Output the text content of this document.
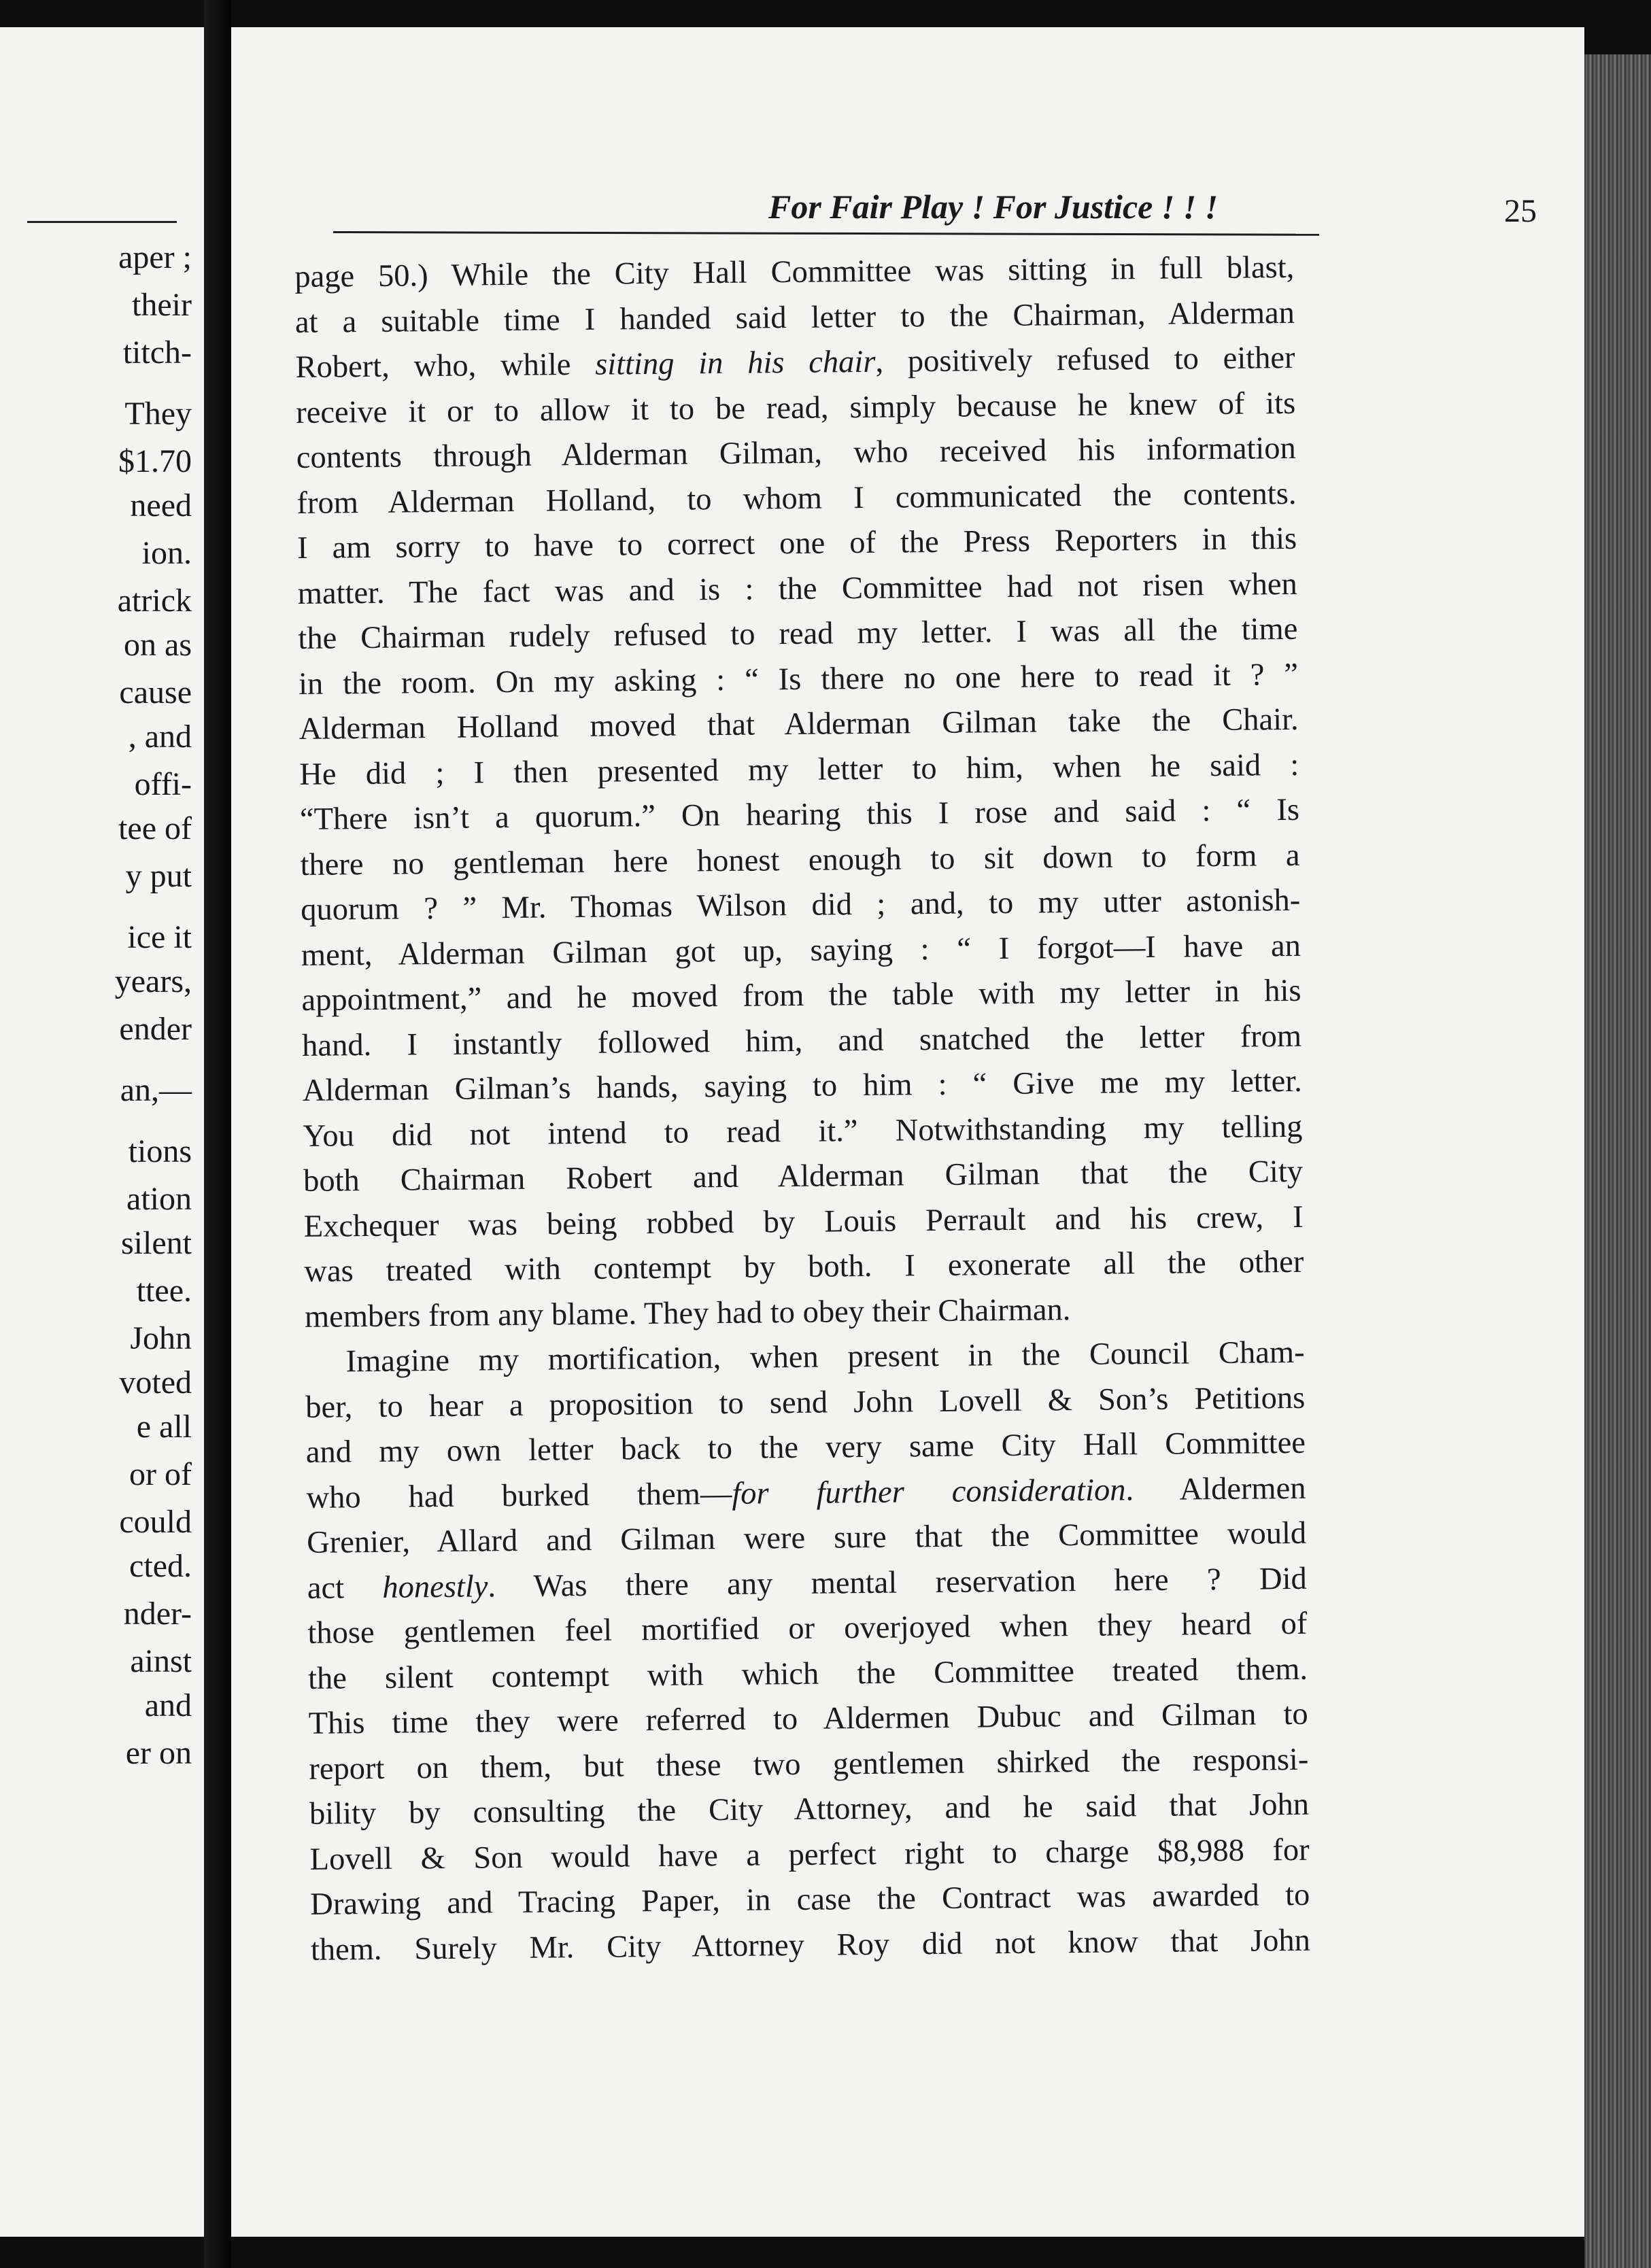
aper ;
their
titch-
They
$1.70
need
ion.
atrick
on as
cause
, and
offi-
tee of
y put
ice it
years,
ender
an,—
tions
ation
silent
ttee.
John
voted
e all
or of
could
cted.
nder-
ainst
and
er on
For Fair Play ! For Justice ! ! !	25
page 50.) While the City Hall Committee was sitting in full blast,
at a suitable time I handed said letter to the Chairman, Alderman
Robert, who, while sitting in his chair, positively refused to either
receive it or to allow it to be read, simply because he knew of its
contents through Alderman Gilman, who received his information
from Alderman Holland, to whom I communicated the contents.
I am sorry to have to correct one of the Press Reporters in this
matter. The fact was and is : the Committee had not risen when
the Chairman rudely refused to read my letter. I was all the time
in the room. On my asking : “ Is there no one here to read it ? ”
Alderman Holland moved that Alderman Gilman take the Chair.
He did ; I then presented my letter to him, when he said :
“There isn’t a quorum.” On hearing this I rose and said : “ Is
there no gentleman here honest enough to sit down to form a
quorum ? ” Mr. Thomas Wilson did ; and, to my utter astonish-
ment, Alderman Gilman got up, saying : “ I forgot—I have an
appointment,” and he moved from the table with my letter in his
hand. I instantly followed him, and snatched the letter from
Alderman Gilman’s hands, saying to him : “ Give me my letter.
You did not intend to read it.” Notwithstanding my telling
both Chairman Robert and Alderman Gilman that the City
Exchequer was being robbed by Louis Perrault and his crew, I
was treated with contempt by both. I exonerate all the other
members from any blame. They had to obey their Chairman.
Imagine my mortification, when present in the Council Cham-
ber, to hear a proposition to send John Lovell & Son’s Petitions
and my own letter back to the very same City Hall Committee
who had burked them—for further consideration. Aldermen
Grenier, Allard and Gilman were sure that the Committee would
act honestly. Was there any mental reservation here ? Did
those gentlemen feel mortified or overjoyed when they heard of
the silent contempt with which the Committee treated them.
This time they were referred to Aldermen Dubuc and Gilman to
report on them, but these two gentlemen shirked the responsi-
bility by consulting the City Attorney, and he said that John
Lovell & Son would have a perfect right to charge $8,988 for
Drawing and Tracing Paper, in case the Contract was awarded to
them. Surely Mr. City Attorney Roy did not know that John
